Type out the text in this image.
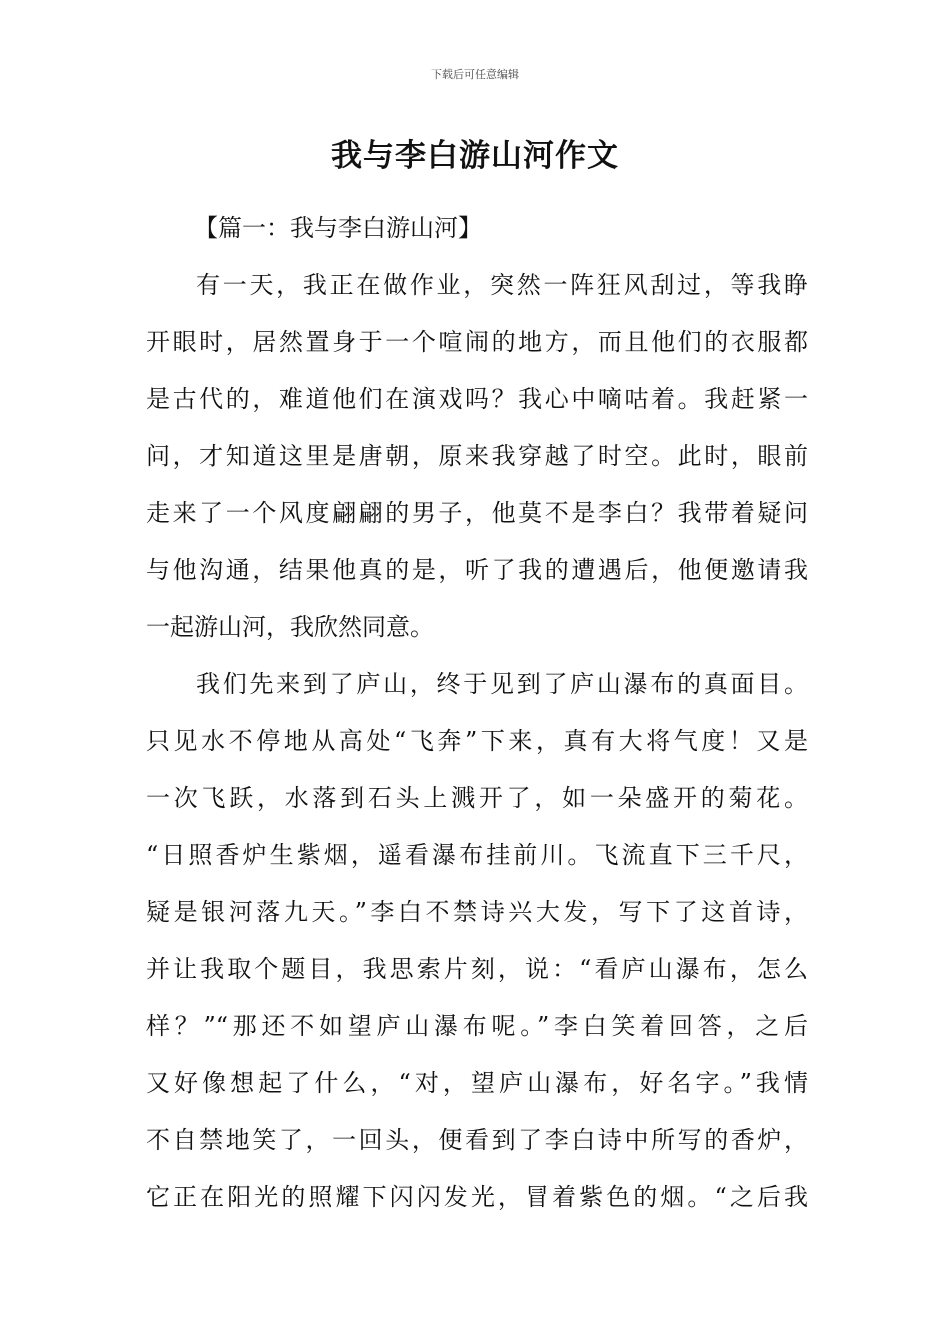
下载后可任意编辑
我与李白游山河作文

【篇一：我与李白游山河】

有一天，我正在做作业，突然一阵狂风刮过，等我睁

开眼时，居然置身于一个喧闹的地方，而且他们的衣服都

是古代的，难道他们在演戏吗？我心中嘀咕着。我赶紧一

问，才知道这里是唐朝，原来我穿越了时空。此时，眼前

走来了一个风度翩翩的男子，他莫不是李白？我带着疑问

与他沟通，结果他真的是，听了我的遭遇后，他便邀请我

一起游山河，我欣然同意。

我们先来到了庐山，终于见到了庐山瀑布的真面目。

只见水不停地从高处“飞奔”下来，真有大将气度！又是

一次飞跃，水落到石头上溅开了，如一朵盛开的菊花。

“日照香炉生紫烟，遥看瀑布挂前川。飞流直下三千尺，

疑是银河落九天。”李白不禁诗兴大发，写下了这首诗，

并让我取个题目，我思索片刻，说：“看庐山瀑布，怎么

样？”“那还不如望庐山瀑布呢。”李白笑着回答，之后

又好像想起了什么，“对，望庐山瀑布，好名字。”我情

不自禁地笑了，一回头，便看到了李白诗中所写的香炉，

它正在阳光的照耀下闪闪发光，冒着紫色的烟。“之后我
